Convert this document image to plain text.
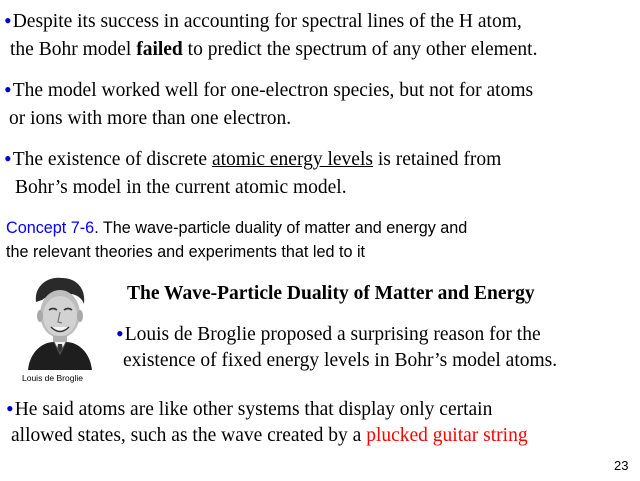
•Despite its success in accounting for spectral lines of the H atom,
the Bohr model failed to predict the spectrum of any other element.
•The model worked well for one-electron species, but not for atoms
or ions with more than one electron.
•The existence of discrete atomic energy levels is retained from
Bohr’s model in the current atomic model.
Concept 7-6. The wave-particle duality of matter and energy and
the relevant theories and experiments that led to it
The Wave-Particle Duality of Matter and Energy
Louis de Broglie
•Louis de Broglie proposed a surprising reason for the
existence of fixed energy levels in Bohr’s model atoms.
•He said atoms are like other systems that display only certain
allowed states, such as the wave created by a plucked guitar string
23
